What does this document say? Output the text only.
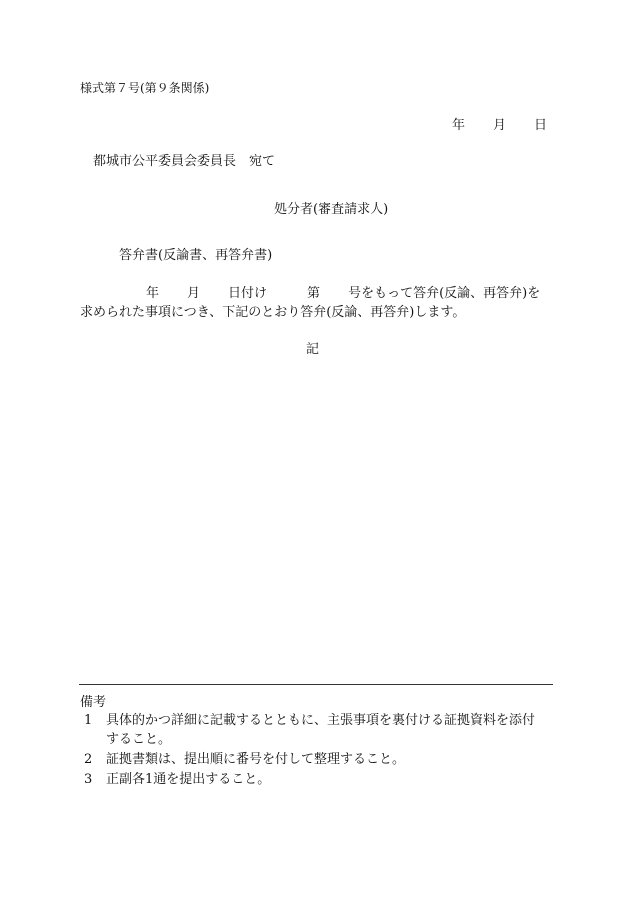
様式第７号(第９条関係)
年 月 日
都城市公平委員会委員長　宛て
処分者(審査請求人)
答弁書(反論書、再答弁書)
年 月 日付け	第 号をもって答弁(反論、再答弁)を
求められた事項につき、下記のとおり答弁(反論、再答弁)します。
記
備考
1 具体的かつ詳細に記載するとともに、主張事項を裏付ける証拠資料を添付
すること。
2 証拠書類は、提出順に番号を付して整理すること。
3 正副各1通を提出すること。
